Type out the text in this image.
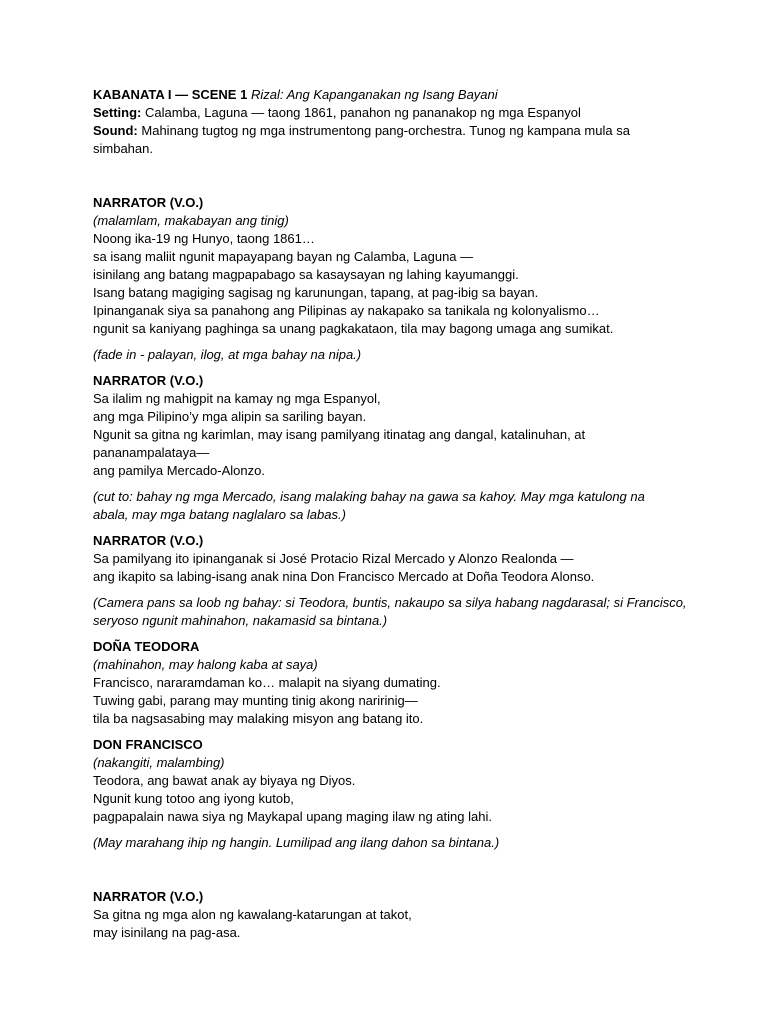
KABANATA I — SCENE 1 Rizal: Ang Kapanganakan ng Isang Bayani
Setting: Calamba, Laguna — taong 1861, panahon ng pananakop ng mga Espanyol
Sound: Mahinang tugtog ng mga instrumentong pang-orchestra. Tunog ng kampana mula sa
simbahan.
NARRATOR (V.O.)
(malamlam, makabayan ang tinig)
Noong ika-19 ng Hunyo, taong 1861…
sa isang maliit ngunit mapayapang bayan ng Calamba, Laguna —
isinilang ang batang magpapabago sa kasaysayan ng lahing kayumanggi.
Isang batang magiging sagisag ng karunungan, tapang, at pag-ibig sa bayan.
Ipinanganak siya sa panahong ang Pilipinas ay nakapako sa tanikala ng kolonyalismo…
ngunit sa kaniyang paghinga sa unang pagkakataon, tila may bagong umaga ang sumikat.
(fade in - palayan, ilog, at mga bahay na nipa.)
NARRATOR (V.O.)
Sa ilalim ng mahigpit na kamay ng mga Espanyol,
ang mga Pilipino’y mga alipin sa sariling bayan.
Ngunit sa gitna ng karimlan, may isang pamilyang itinatag ang dangal, katalinuhan, at
pananampalataya—
ang pamilya Mercado-Alonzo.
(cut to: bahay ng mga Mercado, isang malaking bahay na gawa sa kahoy. May mga katulong na
abala, may mga batang naglalaro sa labas.)
NARRATOR (V.O.)
Sa pamilyang ito ipinanganak si José Protacio Rizal Mercado y Alonzo Realonda —
ang ikapito sa labing-isang anak nina Don Francisco Mercado at Doña Teodora Alonso.
(Camera pans sa loob ng bahay: si Teodora, buntis, nakaupo sa silya habang nagdarasal; si Francisco,
seryoso ngunit mahinahon, nakamasid sa bintana.)
DOÑA TEODORA
(mahinahon, may halong kaba at saya)
Francisco, nararamdaman ko… malapit na siyang dumating.
Tuwing gabi, parang may munting tinig akong naririnig—
tila ba nagsasabing may malaking misyon ang batang ito.
DON FRANCISCO
(nakangiti, malambing)
Teodora, ang bawat anak ay biyaya ng Diyos.
Ngunit kung totoo ang iyong kutob,
pagpapalain nawa siya ng Maykapal upang maging ilaw ng ating lahi.
(May marahang ihip ng hangin. Lumilipad ang ilang dahon sa bintana.)
NARRATOR (V.O.)
Sa gitna ng mga alon ng kawalang-katarungan at takot,
may isinilang na pag-asa.
